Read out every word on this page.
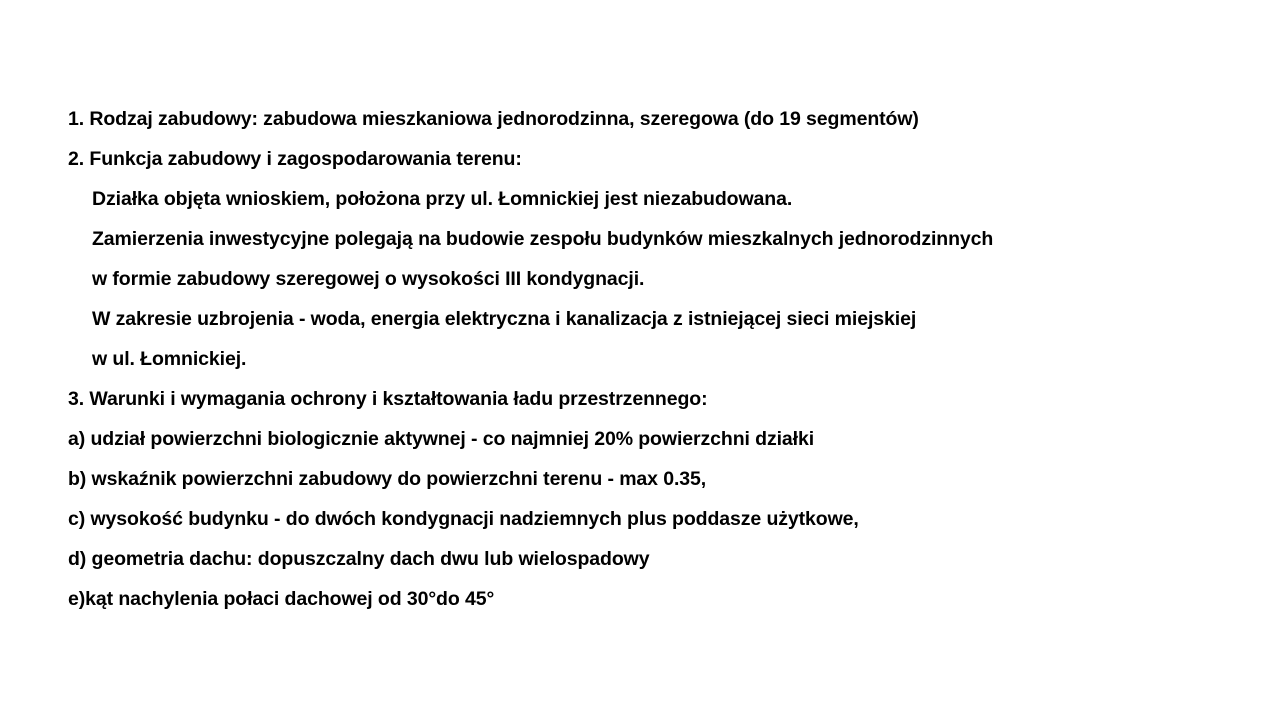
1. Rodzaj zabudowy: zabudowa mieszkaniowa jednorodzinna, szeregowa (do 19 segmentów)
2. Funkcja zabudowy i zagospodarowania terenu:
Działka objęta wnioskiem, położona przy ul. Łomnickiej jest niezabudowana.
Zamierzenia inwestycyjne polegają na budowie zespołu budynków mieszkalnych jednorodzinnych
w formie zabudowy szeregowej o wysokości III kondygnacji.
W zakresie uzbrojenia - woda, energia elektryczna i kanalizacja z istniejącej sieci miejskiej
w ul. Łomnickiej.
3. Warunki i wymagania ochrony i kształtowania ładu przestrzennego:
a) udział powierzchni biologicznie aktywnej - co najmniej 20% powierzchni działki
b) wskaźnik powierzchni zabudowy do powierzchni terenu - max 0.35,
c) wysokość budynku - do dwóch kondygnacji nadziemnych plus poddasze użytkowe,
d) geometria dachu: dopuszczalny dach dwu lub wielospadowy
e)kąt nachylenia połaci dachowej od 30°do 45°
